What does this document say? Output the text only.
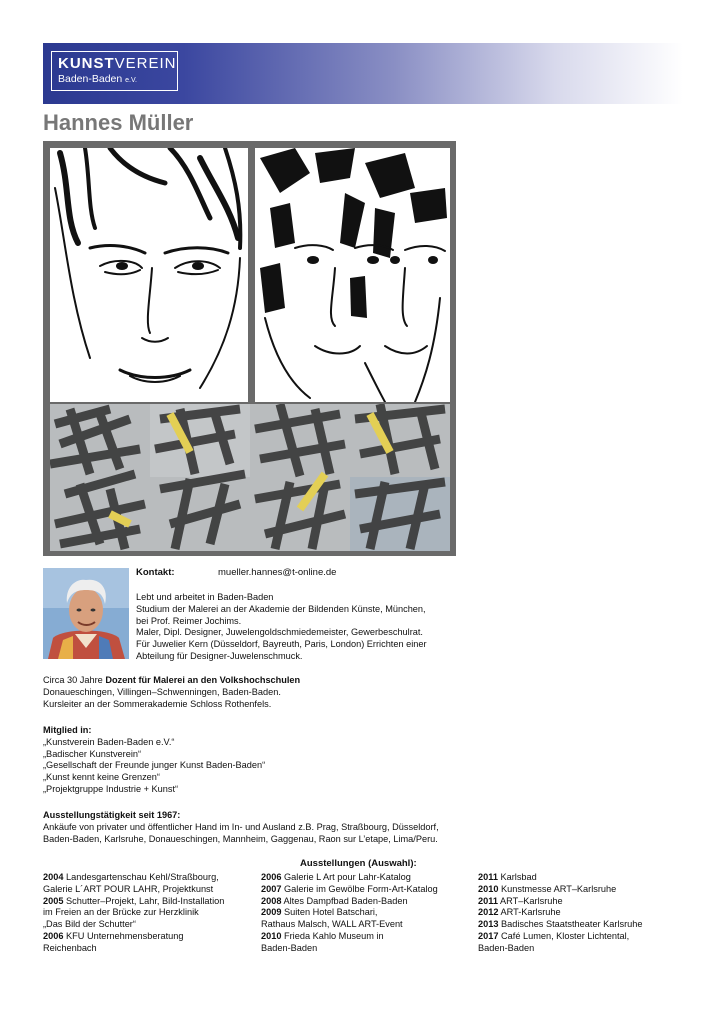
KUNSTVEREIN
Baden-Baden e.V.
Hannes Müller
Kontakt:	mueller.hannes@t-online.de
Lebt und arbeitet in Baden-Baden
Studium der Malerei an der Akademie der Bildenden Künste, München,
bei Prof. Reimer Jochims.
Maler, Dipl. Designer, Juwelengoldschmiedemeister, Gewerbeschulrat.
Für Juwelier Kern (Düsseldorf, Bayreuth, Paris, London) Errichten einer
Abteilung für Designer-Juwelenschmuck.
Circa 30 Jahre Dozent für Malerei an den Volkshochschulen
Donaueschingen, Villingen–Schwenningen, Baden-Baden.
Kursleiter an der Sommerakademie Schloss Rothenfels.
Mitglied in:
„Kunstverein Baden-Baden e.V.“
„Badischer Kunstverein“
„Gesellschaft der Freunde junger Kunst Baden-Baden“
„Kunst kennt keine Grenzen“
„Projektgruppe Industrie + Kunst“
Ausstellungstätigkeit seit 1967:
Ankäufe von privater und öffentlicher Hand im In- und Ausland z.B. Prag, Straßbourg, Düsseldorf,
Baden-Baden, Karlsruhe, Donaueschingen, Mannheim, Gaggenau, Raon sur L’etape, Lima/Peru.
Ausstellungen (Auswahl):
2004 Landesgartenschau Kehl/Straßbourg,
Galerie L´ART POUR LAHR, Projektkunst
2005 Schutter–Projekt, Lahr, Bild-Installation
im Freien an der Brücke zur Herzklinik
„Das Bild der Schutter“
2006 KFU Unternehmensberatung
Reichenbach
2006 Galerie L Art pour Lahr-Katalog
2007 Galerie im Gewölbe Form-Art-Katalog
2008 Altes Dampfbad Baden-Baden
2009 Suiten Hotel Batschari,
Rathaus Malsch, WALL ART-Event
2010 Frieda Kahlo Museum in
Baden-Baden
2011 Karlsbad
2010 Kunstmesse ART–Karlsruhe
2011 ART–Karlsruhe
2012 ART-Karlsruhe
2013 Badisches Staatstheater Karlsruhe
2017 Café Lumen, Kloster Lichtental,
Baden-Baden
